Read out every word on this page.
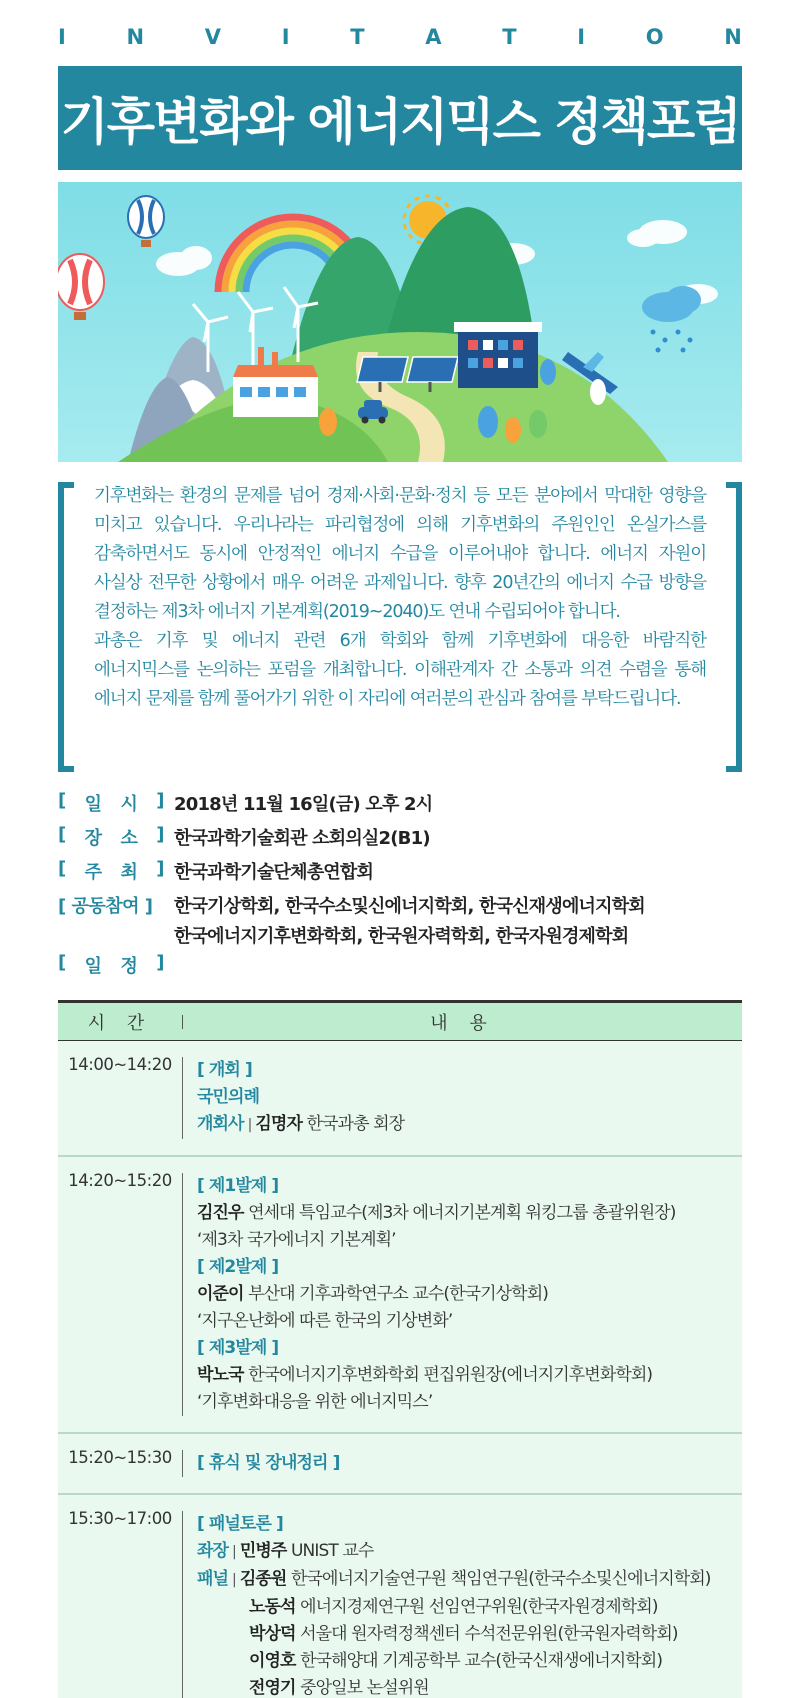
I	N	V	I	T	A	T	I	O	N
기후변화와 에너지믹스 정책포럼

기후변화는 환경의 문제를 넘어 경제·사회·문화·정치 등 모든 분야에서 막대한 영향을 미치고 있습니다. 우리나라는 파리협정에 의해 기후변화의 주원인인 온실가스를 감축하면서도 동시에 안정적인 에너지 수급을 이루어내야 합니다. 에너지 자원이 사실상 전무한 상황에서 매우 어려운 과제입니다. 향후 20년간의 에너지 수급 방향을 결정하는 제3차 에너지 기본계획(2019~2040)도 연내 수립되어야 합니다.

과총은 기후 및 에너지 관련 6개 학회와 함께 기후변화에 대응한 바람직한 에너지믹스를 논의하는 포럼을 개최합니다. 이해관계자 간 소통과 의견 수렴을 통해 에너지 문제를 함께 풀어가기 위한 이 자리에 여러분의 관심과 참여를 부탁드립니다.

[ 일 시 ] 2018년 11월 16일(금) 오후 2시
[ 장 소 ] 한국과학기술회관 소회의실2(B1)
[ 주 최 ] 한국과학기술단체총연합회
[ 공동참여 ]	한국기상학회, 한국수소및신에너지학회, 한국신재생에너지학회
한국에너지기후변화학회, 한국원자력학회, 한국자원경제학회
[ 일 정 ]
시 간	내 용
14:00~14:20	[ 개회 ]
국민의례
개회사 | 김명자 한국과총 회장
14:20~15:20	[ 제1발제 ]
김진우 연세대 특임교수(제3차 에너지기본계획 워킹그룹 총괄위원장)
‘제3차 국가에너지 기본계획’
[ 제2발제 ]
이준이 부산대 기후과학연구소 교수(한국기상학회)
‘지구온난화에 따른 한국의 기상변화’
[ 제3발제 ]
박노국 한국에너지기후변화학회 편집위원장(에너지기후변화학회)
‘기후변화대응을 위한 에너지믹스’
15:20~15:30	[ 휴식 및 장내정리 ]
15:30~17:00	[ 패널토론 ]
좌장 | 민병주 UNIST 교수
패널 | 김종원 한국에너지기술연구원 책임연구원(한국수소및신에너지학회)
노동석 에너지경제연구원 선임연구위원(한국자원경제학회)
박상덕 서울대 원자력정책센터 수석전문위원(한국원자력학회)
이영호 한국해양대 기계공학부 교수(한국신재생에너지학회)
전영기 중앙일보 논설위원
